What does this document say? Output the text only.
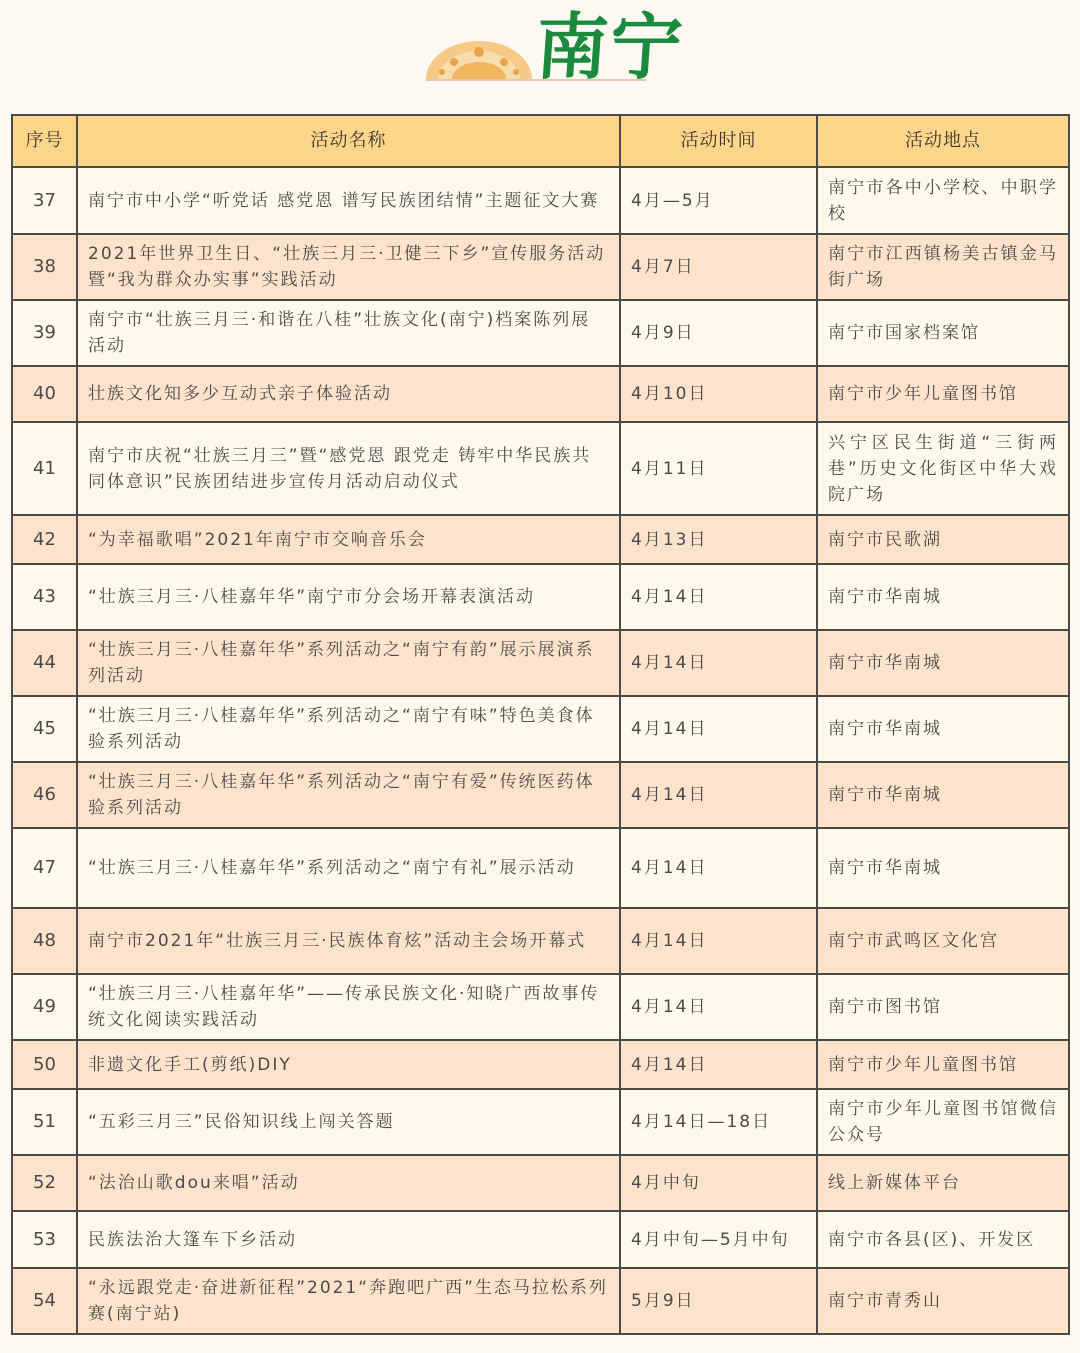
南宁
序号	活动名称	活动时间	活动地点
37	南宁市中小学“听党话 感党恩 谱写民族团结情”主题征文大赛	4月—5月	南宁市各中小学校、中职学校
38	2021年世界卫生日、“壮族三月三·卫健三下乡”宣传服务活动暨“我为群众办实事”实践活动	4月7日	南宁市江西镇杨美古镇金马街广场
39	南宁市“壮族三月三·和谐在八桂”壮族文化(南宁)档案陈列展活动	4月9日	南宁市国家档案馆
40	壮族文化知多少互动式亲子体验活动	4月10日	南宁市少年儿童图书馆
41	南宁市庆祝“壮族三月三”暨“感党恩 跟党走 铸牢中华民族共同体意识”民族团结进步宣传月活动启动仪式	4月11日	兴宁区民生街道“三街两巷”历史文化街区中华大戏院广场
42	“为幸福歌唱”2021年南宁市交响音乐会	4月13日	南宁市民歌湖
43	“壮族三月三·八桂嘉年华”南宁市分会场开幕表演活动	4月14日	南宁市华南城
44	“壮族三月三·八桂嘉年华”系列活动之“南宁有韵”展示展演系列活动	4月14日	南宁市华南城
45	“壮族三月三·八桂嘉年华”系列活动之“南宁有味”特色美食体验系列活动	4月14日	南宁市华南城
46	“壮族三月三·八桂嘉年华”系列活动之“南宁有爱”传统医药体验系列活动	4月14日	南宁市华南城
47	“壮族三月三·八桂嘉年华”系列活动之“南宁有礼”展示活动	4月14日	南宁市华南城
48	南宁市2021年“壮族三月三·民族体育炫”活动主会场开幕式	4月14日	南宁市武鸣区文化宫
49	“壮族三月三·八桂嘉年华”——传承民族文化·知晓广西故事传统文化阅读实践活动	4月14日	南宁市图书馆
50	非遗文化手工(剪纸)DIY	4月14日	南宁市少年儿童图书馆
51	“五彩三月三”民俗知识线上闯关答题	4月14日—18日	南宁市少年儿童图书馆微信公众号
52	“法治山歌dou来唱”活动	4月中旬	线上新媒体平台
53	民族法治大篷车下乡活动	4月中旬—5月中旬	南宁市各县(区)、开发区
54	“永远跟党走·奋进新征程”2021“奔跑吧广西”生态马拉松系列赛(南宁站)	5月9日	南宁市青秀山
